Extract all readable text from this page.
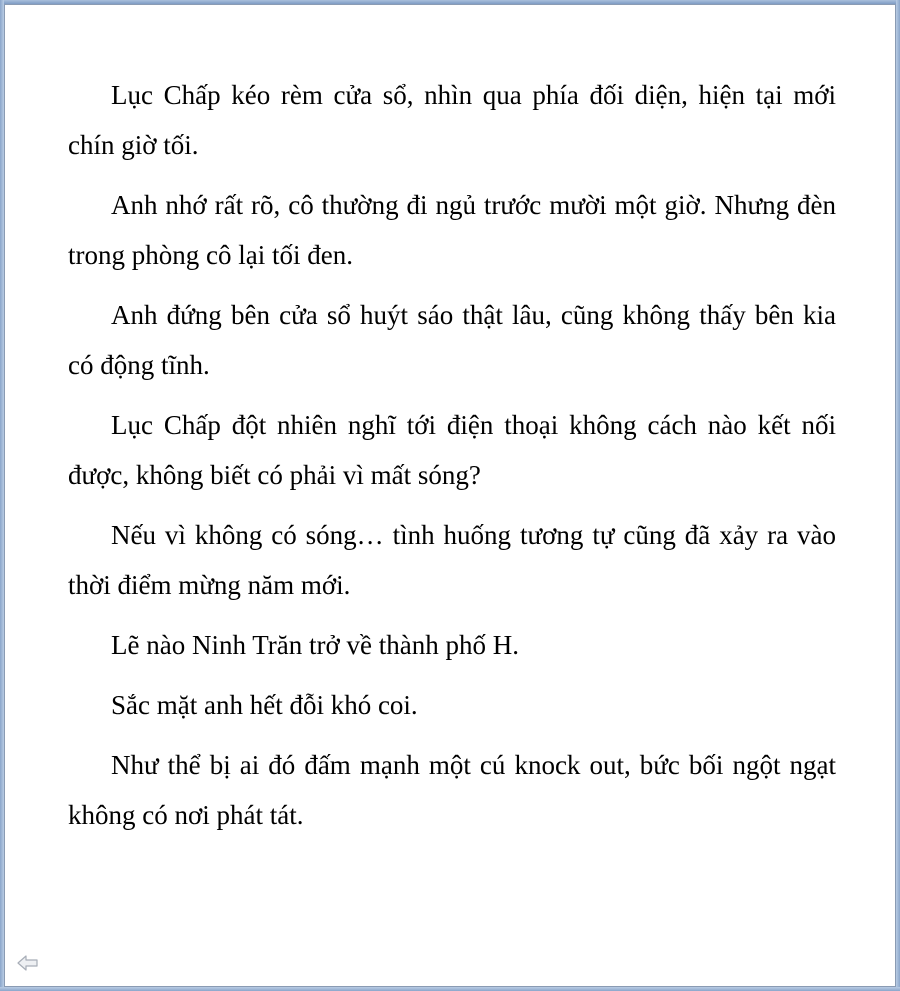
Lục Chấp kéo rèm cửa sổ, nhìn qua phía đối diện, hiện tại mới chín giờ tối.

Anh nhớ rất rõ, cô thường đi ngủ trước mười một giờ. Nhưng đèn trong phòng cô lại tối đen.

Anh đứng bên cửa sổ huýt sáo thật lâu, cũng không thấy bên kia có động tĩnh.

Lục Chấp đột nhiên nghĩ tới điện thoại không cách nào kết nối được, không biết có phải vì mất sóng?

Nếu vì không có sóng… tình huống tương tự cũng đã xảy ra vào thời điểm mừng năm mới.

Lẽ nào Ninh Trăn trở về thành phố H.

Sắc mặt anh hết đỗi khó coi.

Như thể bị ai đó đấm mạnh một cú knock out, bức bối ngột ngạt không có nơi phát tát.
